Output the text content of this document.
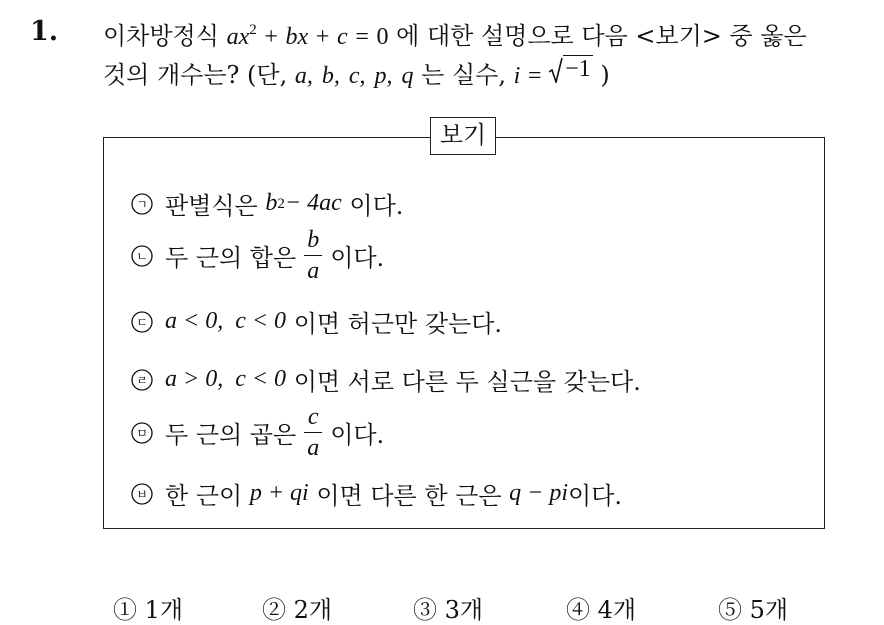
1. 이차방정식 $ax^2$ + bx + c = 0 에 대한 설명으로 다음 <보기> 중 옳은
것의 개수는? (단, a, b, c, p, q 는 실수, i = −1 )
보기
ㄱ 판별식은
b 2 − 4ac
이다.
ㄴ 두 근의 합은 $\frac{b}{a}$ 이다.
ㄷ a < 0,  c < 0
이면 허근만 갖는다.
ㄹ a > 0,  c < 0
이면 서로 다른 두 실근을 갖는다.
ㅁ 두 근의 곱은 $\frac{c}{a}$ 이다.
ㅂ 한 근이
p + qi
이면 다른 한 근은
q − pi 이다.
① 1개	② 2개	③ 3개	④ 4개	⑤ 5개
